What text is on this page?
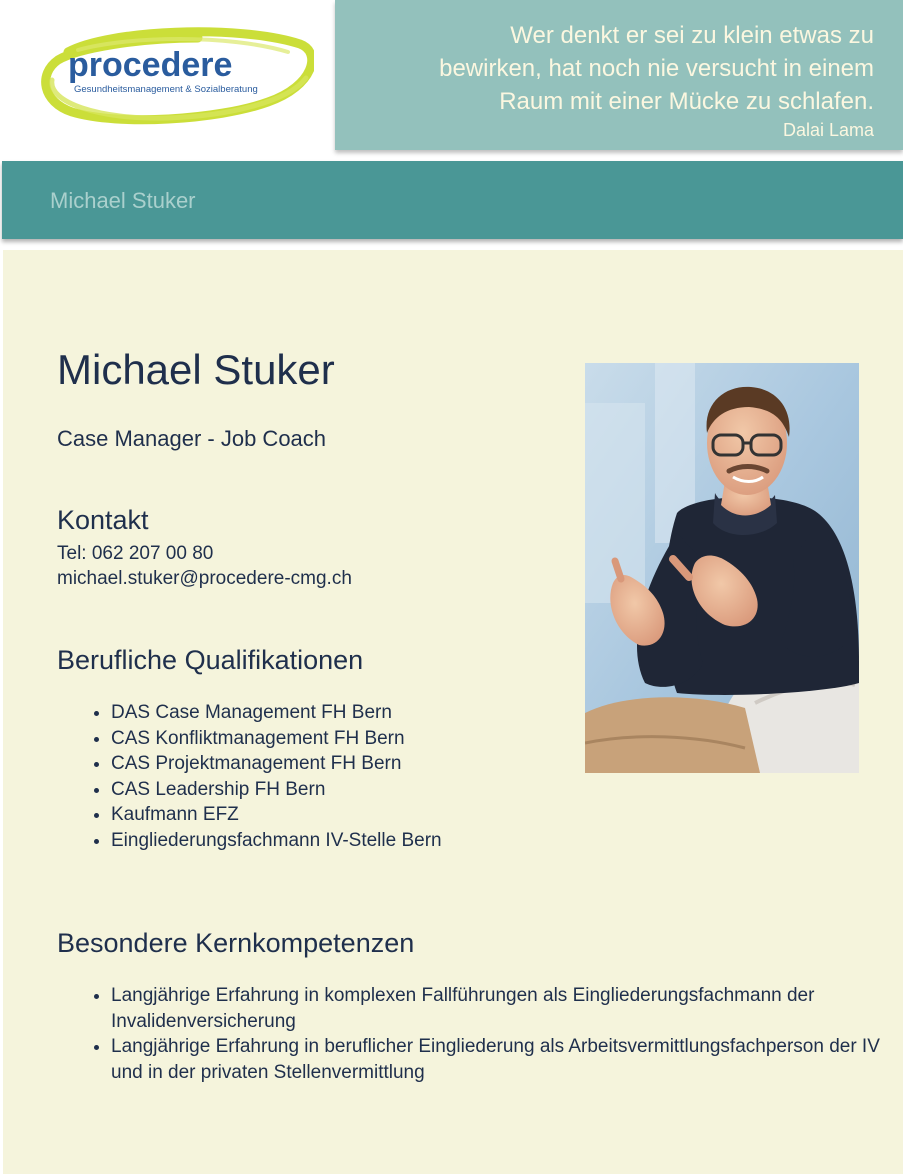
procedere
Gesundheitsmanagement & Sozialberatung

Wer denkt er sei zu klein etwas zu
bewirken, hat noch nie versucht in einem
Raum mit einer Mücke zu schlafen.

Dalai Lama

Michael Stuker
Michael Stuker
Case Manager - Job Coach
Kontakt
Tel: 062 207 00 80
michael.stuker@procedere-cmg.ch
Berufliche Qualifikationen
• DAS Case Management FH Bern
• CAS Konfliktmanagement FH Bern
• CAS Projektmanagement FH Bern
• CAS Leadership FH Bern
• Kaufmann EFZ
• Eingliederungsfachmann IV-Stelle Bern
Besondere Kernkompetenzen
• Langjährige Erfahrung in komplexen Fallführungen als Eingliederungsfachmann der Invalidenversicherung
• Langjährige Erfahrung in beruflicher Eingliederung als Arbeitsvermittlungsfachperson der IV und in der privaten Stellenvermittlung
